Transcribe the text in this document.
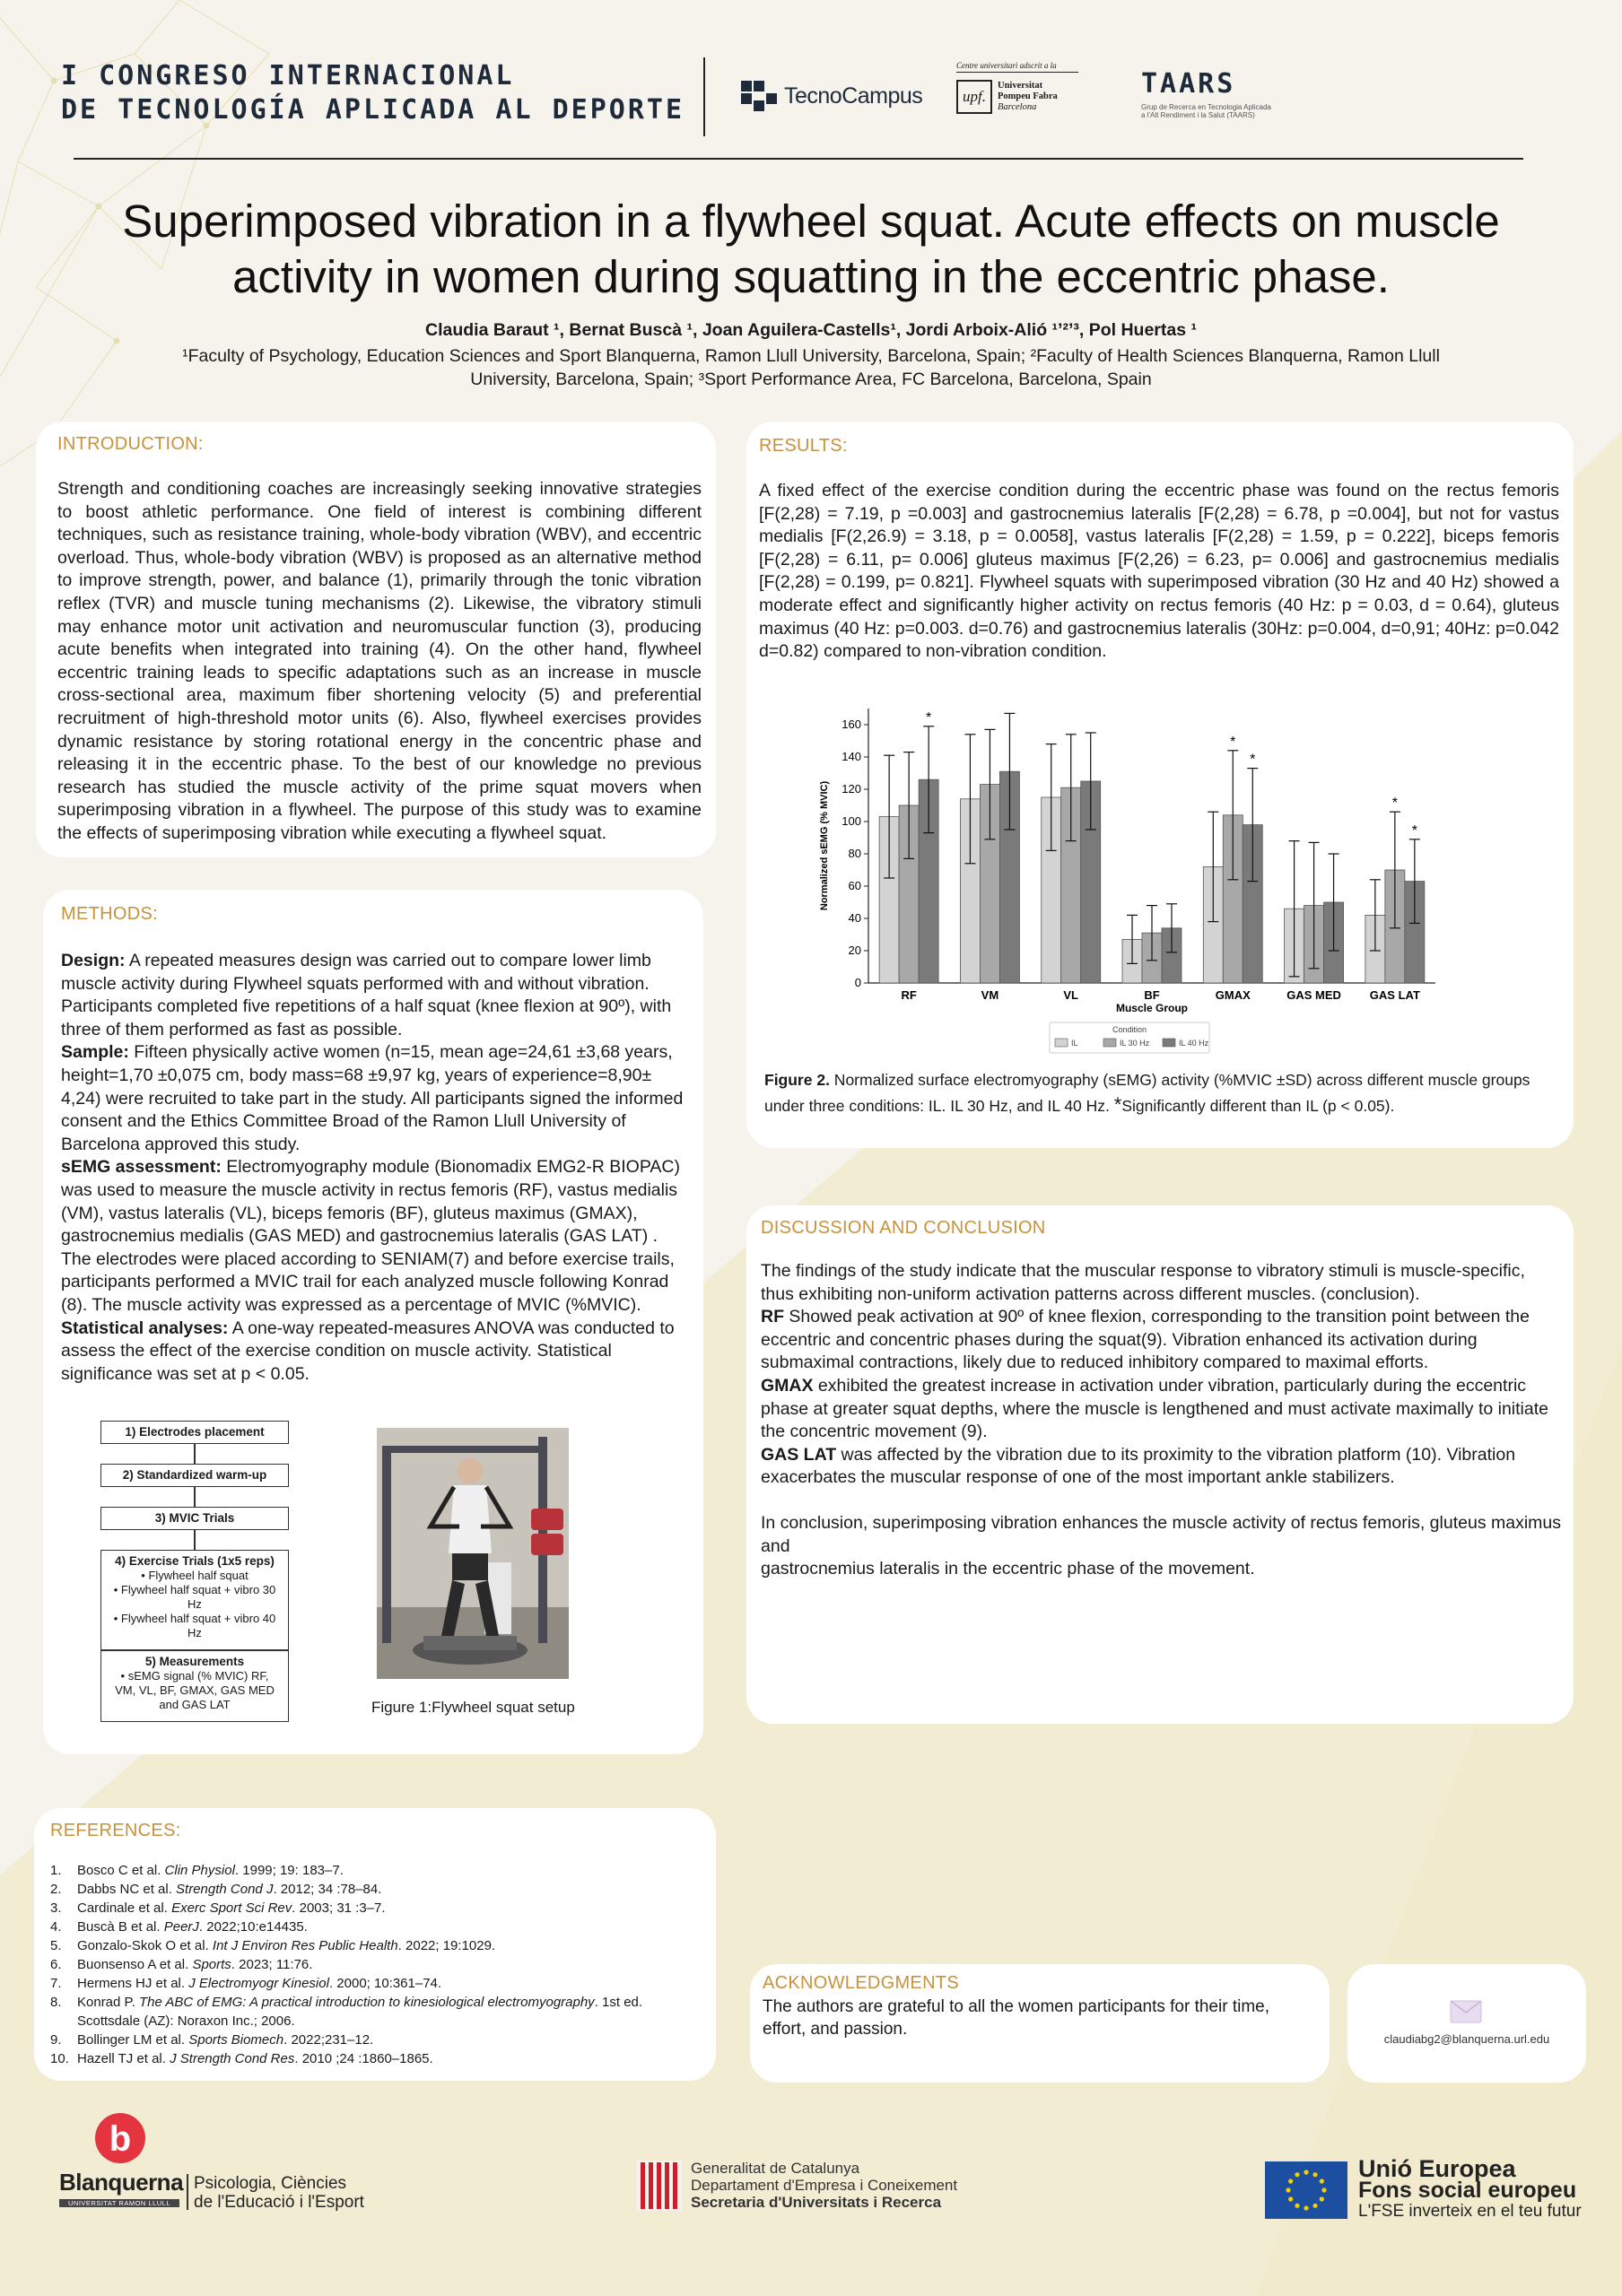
I CONGRESO INTERNACIONAL
DE TECNOLOGÍA APLICADA AL DEPORTE	TecnoCampus
Centre universitari adscrit a la
upf.
Universitat
Pompeu Fabra
Barcelona
TAARS
Grup de Recerca en Tecnologia Aplicada
a l'Alt Rendiment i la Salut (TAARS)
Superimposed vibration in a flywheel squat. Acute effects on muscle
activity in women during squatting in the eccentric phase.
Claudia Baraut ¹, Bernat Buscà ¹, Joan Aguilera-Castells¹, Jordi Arboix-Alió ¹ʼ²ʼ³, Pol Huertas ¹
¹Faculty of Psychology, Education Sciences and Sport Blanquerna, Ramon Llull University, Barcelona, Spain; ²Faculty of Health Sciences Blanquerna, Ramon Llull
University, Barcelona, Spain; ³Sport Performance Area, FC Barcelona, Barcelona, Spain
INTRODUCTION:
Strength and conditioning coaches are increasingly seeking innovative strategies to boost athletic performance. One field of interest is combining different techniques, such as resistance training, whole-body vibration (WBV), and eccentric overload. Thus, whole-body vibration (WBV) is proposed as an alternative method to improve strength, power, and balance (1), primarily through the tonic vibration reflex (TVR) and muscle tuning mechanisms (2). Likewise, the vibratory stimuli may enhance motor unit activation and neuromuscular function (3), producing acute benefits when integrated into training (4). On the other hand, flywheel eccentric training leads to specific adaptations such as an increase in muscle cross-sectional area, maximum fiber shortening velocity (5) and preferential recruitment of high-threshold motor units (6). Also, flywheel exercises provides dynamic resistance by storing rotational energy in the concentric phase and releasing it in the eccentric phase. To the best of our knowledge no previous research has studied the muscle activity of the prime squat movers when superimposing vibration in a flywheel. The purpose of this study was to examine the effects of superimposing vibration while executing a flywheel squat.
METHODS:

Design: A repeated measures design was carried out to compare lower limb muscle activity during Flywheel squats performed with and without vibration. Participants completed five repetitions of a half squat (knee flexion at 90º), with three of them performed as fast as possible.

Sample: Fifteen physically active women (n=15, mean age=24,61 ±3,68 years, height=1,70 ±0,075 cm, body mass=68 ±9,97 kg, years of experience=8,90± 4,24) were recruited to take part in the study. All participants signed the informed consent and the Ethics Committee Broad of the Ramon Llull University of Barcelona approved this study.

sEMG assessment: Electromyography module (Bionomadix EMG2-R BIOPAC) was used to measure the muscle activity in rectus femoris (RF), vastus medialis (VM), vastus lateralis (VL), biceps femoris (BF), gluteus maximus (GMAX), gastrocnemius medialis (GAS MED) and gastrocnemius lateralis (GAS LAT) . The electrodes were placed according to SENIAM(7) and before exercise trails, participants performed a MVIC trail for each analyzed muscle following Konrad (8). The muscle activity was expressed as a percentage of MVIC (%MVIC).

Statistical analyses: A one-way repeated-measures ANOVA was conducted to assess the effect of the exercise condition on muscle activity. Statistical significance was set at p < 0.05.

1) Electrodes placement
2) Standardized warm-up
3) MVIC Trials
4) Exercise Trials (1x5 reps)
• Flywheel half squat
• Flywheel half squat + vibro 30 Hz
• Flywheel half squat + vibro 40 Hz
5) Measurements
• sEMG signal (% MVIC) RF, VM, VL, BF, GMAX, GAS MED and GAS LAT	Figure 1:Flywheel squat setup
RESULTS:
A fixed effect of the exercise condition during the eccentric phase was found on the rectus femoris [F(2,28) = 7.19, p =0.003] and gastrocnemius lateralis [F(2,28) = 6.78, p =0.004], but not for vastus medialis [F(2,26.9) = 3.18, p = 0.0058], vastus lateralis [F(2,28) = 1.59, p = 0.222], biceps femoris [F(2,28) = 6.11, p= 0.006] gluteus maximus [F(2,26) = 6.23, p= 0.006] and gastrocnemius medialis [F(2,28) = 0.199, p= 0.821]. Flywheel squats with superimposed vibration (30 Hz and 40 Hz) showed a moderate effect and significantly higher activity on rectus femoris (40 Hz: p = 0.03, d = 0.64), gluteus maximus (40 Hz: p=0.003. d=0.76) and gastrocnemius lateralis (30Hz: p=0.004, d=0,91; 40Hz: p=0.042 d=0.82) compared to non-vibration condition.
0
20
40
60
80
100
120
140
160
Normalized sEMG (% MVIC)
*
RF	VM	VL	BF
*
*
GMAX	GAS MED
*
*
GAS LAT
Muscle Group
Condition
IL	IL 30 Hz	IL 40 Hz
Figure 2. Normalized surface electromyography (sEMG) activity (%MVIC ±SD) across different muscle groups under three conditions: IL. IL 30 Hz, and IL 40 Hz. *Significantly different than IL (p < 0.05).
DISCUSSION AND CONCLUSION

The findings of the study indicate that the muscular response to vibratory stimuli is muscle-specific, thus exhibiting non-uniform activation patterns across different muscles. (conclusion).

RF Showed peak activation at 90º of knee flexion, corresponding to the transition point between the eccentric and concentric phases during the squat(9). Vibration enhanced its activation during submaximal contractions, likely due to reduced inhibitory compared to maximal efforts.

GMAX exhibited the greatest increase in activation under vibration, particularly during the eccentric phase at greater squat depths, where the muscle is lengthened and must activate maximally to initiate the concentric movement (9).

GAS LAT was affected by the vibration due to its proximity to the vibration platform (10). Vibration exacerbates the muscular response of one of the most important ankle stabilizers.

In conclusion, superimposing vibration enhances the muscle activity of rectus femoris, gluteus maximus and

gastrocnemius lateralis in the eccentric phase of the movement.

REFERENCES:
1.	Bosco C et al. Clin Physiol. 1999; 19: 183–7.
2.	Dabbs NC et al. Strength Cond J. 2012; 34 :78–84.
3.	Cardinale et al. Exerc Sport Sci Rev. 2003; 31 :3–7.
4.	Buscà B et al. PeerJ. 2022;10:e14435.
5.	Gonzalo-Skok O et al. Int J Environ Res Public Health. 2022; 19:1029.
6.	Buonsenso A et al. Sports. 2023; 11:76.
7.	Hermens HJ et al. J Electromyogr Kinesiol. 2000; 10:361–74.
8.	Konrad P. The ABC of EMG: A practical introduction to kinesiological electromyography. 1st ed. Scottsdale (AZ): Noraxon Inc.; 2006.
9.	Bollinger LM et al. Sports Biomech. 2022;231–12.
10. Hazell TJ et al. J Strength Cond Res. 2010 ;24 :1860–1865.
ACKNOWLEDGMENTS
The authors are grateful to all the women participants for their time, effort, and passion.
claudiabg2@blanquerna.url.edu
b
Blanquerna
UNIVERSITAT RAMON LLULL
Psicologia, Ciències
de l'Educació i l'Esport
Generalitat de Catalunya
Departament d'Empresa i Coneixement
Secretaria d'Universitats i Recerca
Unió Europea
Fons social europeu
L'FSE inverteix en el teu futur
